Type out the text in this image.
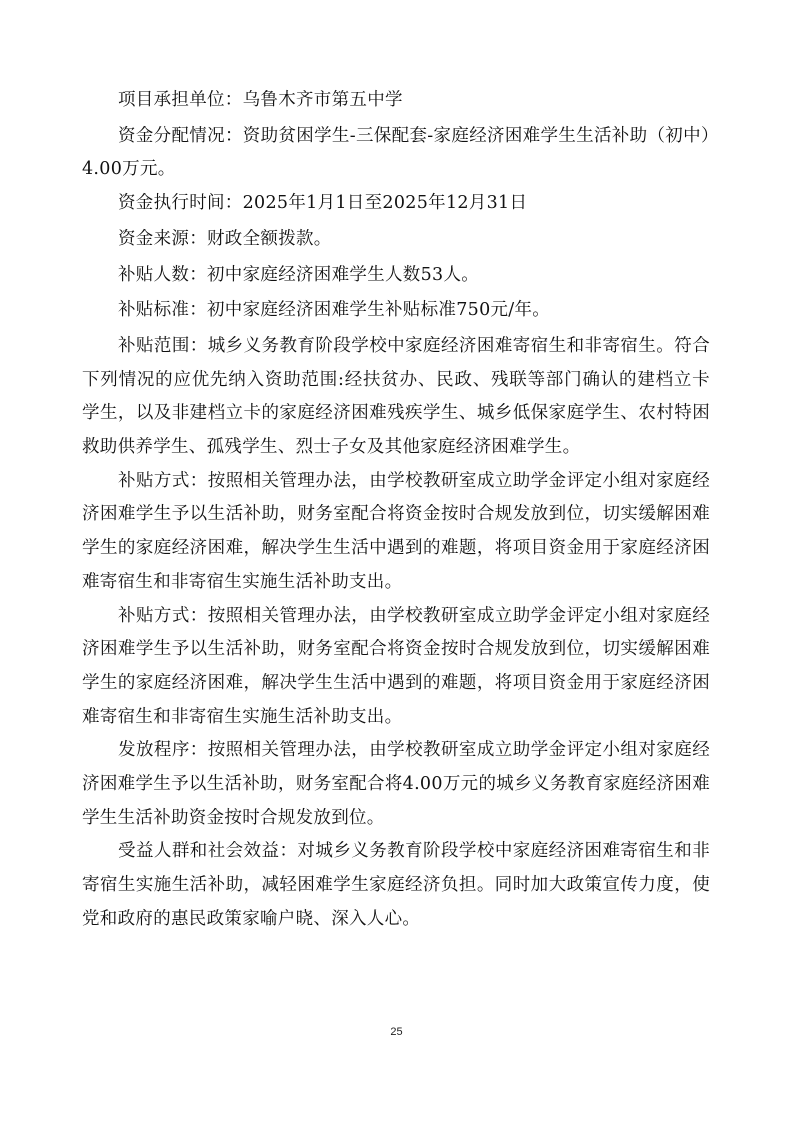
项目承担单位：乌鲁木齐市第五中学

资金分配情况：资助贫困学生-三保配套-家庭经济困难学生生活补助（初中）4.00万元。

资金执行时间：2025年1月1日至2025年12月31日

资金来源：财政全额拨款。

补贴人数：初中家庭经济困难学生人数53人。

补贴标准：初中家庭经济困难学生补贴标准750元/年。

补贴范围：城乡义务教育阶段学校中家庭经济困难寄宿生和非寄宿生。符合下列情况的应优先纳入资助范围:经扶贫办、民政、残联等部门确认的建档立卡学生，以及非建档立卡的家庭经济困难残疾学生、城乡低保家庭学生、农村特困救助供养学生、孤残学生、烈士子女及其他家庭经济困难学生。

补贴方式：按照相关管理办法，由学校教研室成立助学金评定小组对家庭经济困难学生予以生活补助，财务室配合将资金按时合规发放到位，切实缓解困难学生的家庭经济困难，解决学生生活中遇到的难题，将项目资金用于家庭经济困难寄宿生和非寄宿生实施生活补助支出。

补贴方式：按照相关管理办法，由学校教研室成立助学金评定小组对家庭经济困难学生予以生活补助，财务室配合将资金按时合规发放到位，切实缓解困难学生的家庭经济困难，解决学生生活中遇到的难题，将项目资金用于家庭经济困难寄宿生和非寄宿生实施生活补助支出。

发放程序：按照相关管理办法，由学校教研室成立助学金评定小组对家庭经济困难学生予以生活补助，财务室配合将4.00万元的城乡义务教育家庭经济困难学生生活补助资金按时合规发放到位。

受益人群和社会效益：对城乡义务教育阶段学校中家庭经济困难寄宿生和非寄宿生实施生活补助，减轻困难学生家庭经济负担。同时加大政策宣传力度，使党和政府的惠民政策家喻户晓、深入人心。

25
